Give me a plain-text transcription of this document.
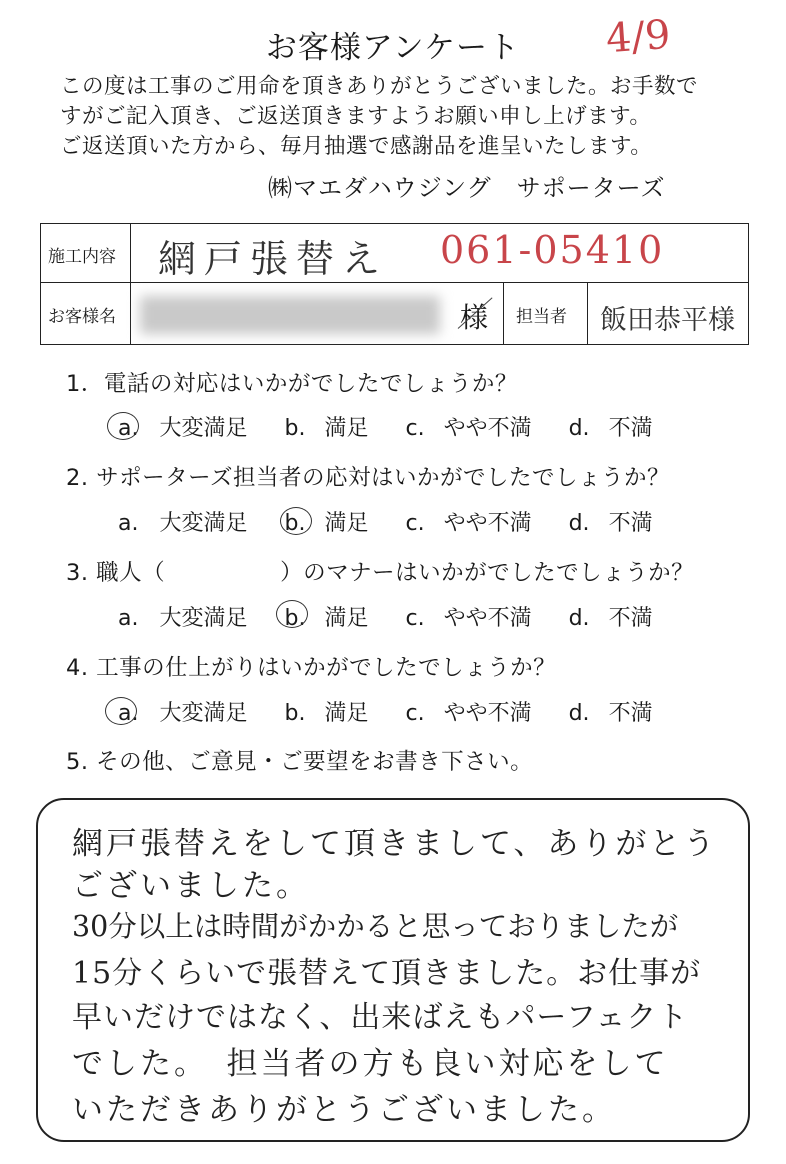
お客様アンケート	4/9
この度は工事のご用命を頂きありがとうございました。お手数で
すがご記入頂き、ご返送頂きますようお願い申し上げます。
ご返送頂いた方から、毎月抽選で感謝品を進呈いたします。
㈱マエダハウジング　サポーターズ
施工内容 網戸張替え 061-05410
お客様名	様 担当者 飯田恭平様
1．電話の対応はいかがでしたでしょうか？
a. 大変満足 b. 満足 c. やや不満 d. 不満
2. サポーターズ担当者の応対はいかがでしたでしょうか？
a. 大変満足 b. 満足 c. やや不満 d. 不満
3. 職人（　　　　　）のマナーはいかがでしたでしょうか？
a. 大変満足 b. 満足 c. やや不満 d. 不満
4. 工事の仕上がりはいかがでしたでしょうか？
a. 大変満足 b. 満足 c. やや不満 d. 不満
5. その他、ご意見・ご要望をお書き下さい。
網戸張替えをして頂きまして、ありがとう
ございました。
30分以上は時間がかかると思っておりましたが
15分くらいで張替えて頂きました。お仕事が
早いだけではなく、出来ばえもパーフェクト
でした。　担当者の方も良い対応をして
いただきありがとうございました。
